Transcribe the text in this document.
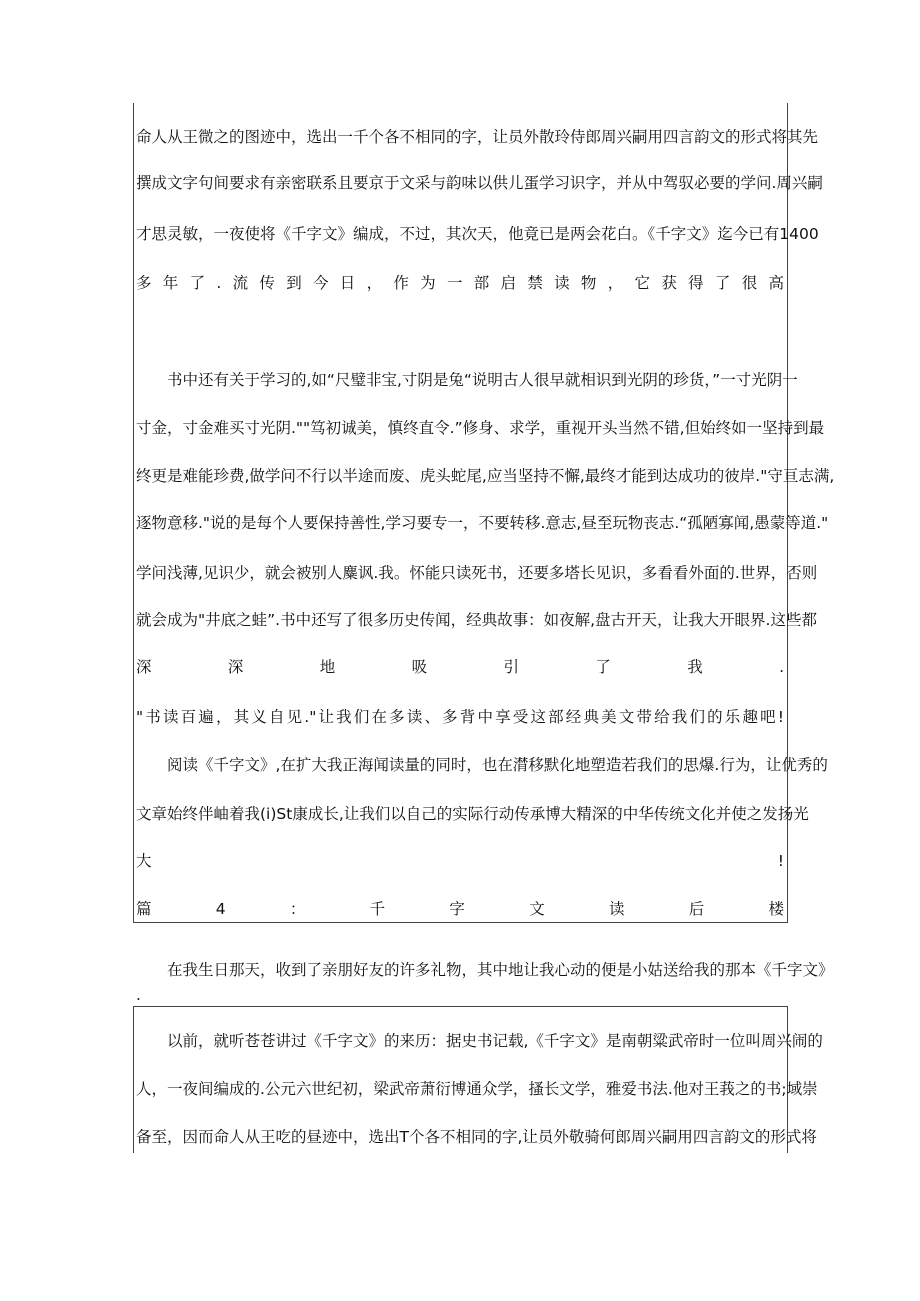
命人从王微之的图迹中，选出一千个各不相同的字，让员外散玲侍郎周兴嗣用四言韵文的形式将其先
撰成文字句间要求有亲密联系且要京于文采与韵味以供儿蛋学习识字，并从中驾驭必要的学问.周兴嗣
才思灵敏，一夜使将《千字文》编成，不过，其次天，他竟已是两会花白。《千字文》迄今已有1400
多年了.流传到今日，作为一部启禁读物，它获得了很高
书中还有关于学习的,如“尺璧非宝,寸阴是兔“说明古人很早就相识到光阴的珍货，”一寸光阴一
寸金，寸金难买寸光阴.""笃初诚美，慎终直令.”修身、求学，重视开头当然不错,但始终如一坚持到最
终更是难能珍费,做学问不行以半途而废、虎头蛇尾,应当坚持不懈,最终才能到达成功的彼岸."守亘志满,
逐物意移."说的是每个人要保持善性,学习要专一，不要转移.意志,昼至玩物丧志.“孤陋寡闻,愚蒙等道."
学问浅薄,见识少，就会被别人麋讽.我。怀能只读死书，还要多塔长见识，多看看外面的.世界，否则
就会成为"井底之蛙”.书中还写了很多历史传闻，经典故事：如夜解,盘古开天，让我大开眼界.这些都
深深地吸引了我.
"书读百遍，其义自见."让我们在多读、多背中享受这部经典美文带给我们的乐趣吧!
阅读《千字文》,在扩大我正海闻读量的同时，也在潸移默化地塑造若我们的思爆.行为，让优秀的
文章始终伴岫着我(i)St康成长,让我们以自己的实际行动传承博大精深的中华传统文化并使之发扬光
大!
篇4：千字文读后楼
在我生日那天，收到了亲朋好友的许多礼物，其中地让我心动的便是小姑送给我的那本《千字文》
.
以前，就听苍苍讲过《千字文》的来历：据史书记载,《千字文》是南朝粱武帝时一位叫周兴闹的
人，一夜间编成的.公元六世纪初，梁武帝萧衍博通众学，搔长文学，雅爱书法.他对王莪之的书;域崇
备至，因而命人从王吃的昼迹中，选出T个各不相同的字,让员外敬骑何郎周兴嗣用四言韵文的形式将
